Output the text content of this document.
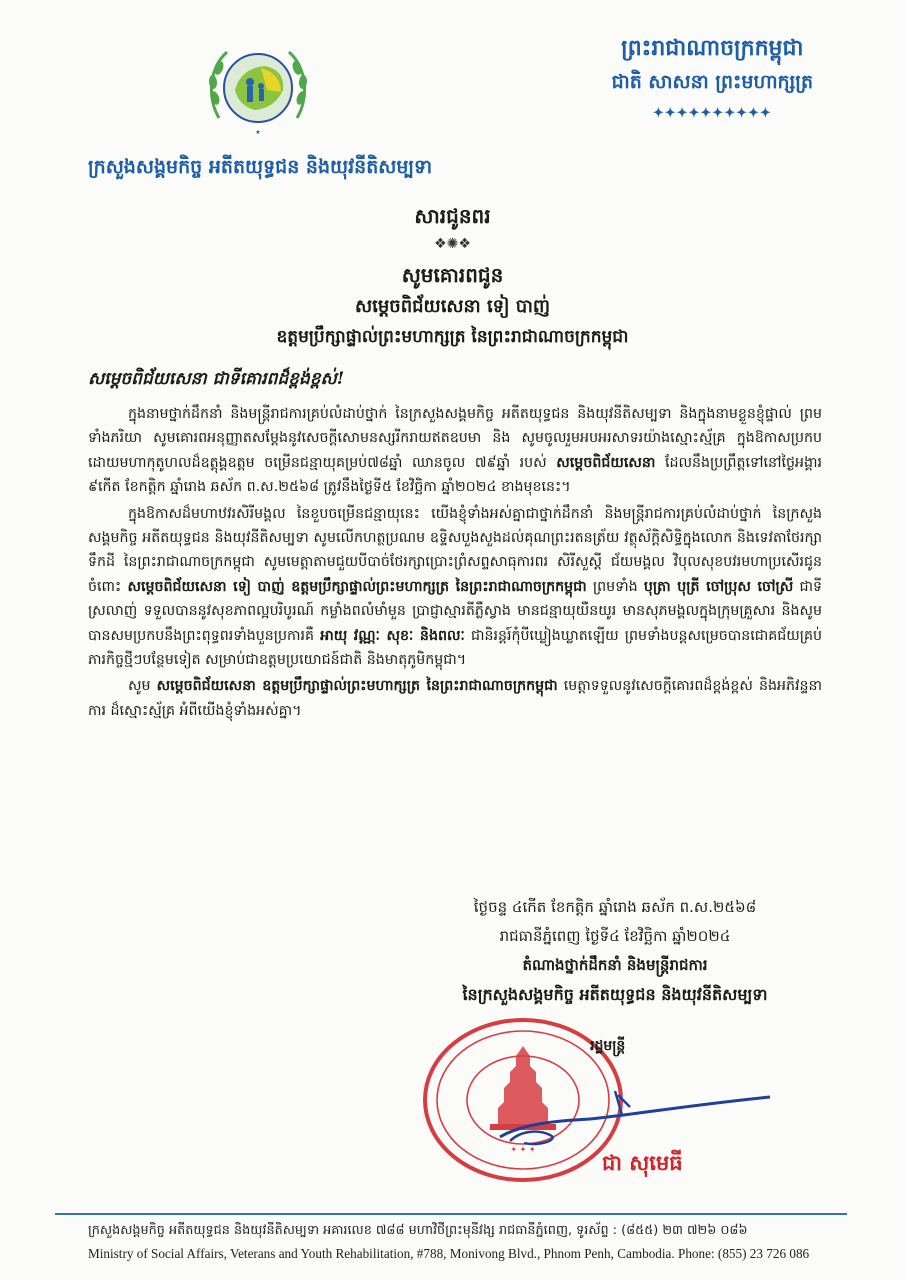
★
ព្រះរាជាណាចក្រកម្ពុជា
ជាតិ សាសនា ព្រះមហាក្សត្រ
✦✦✦✦✦✦✦✦✦✦
ក្រសួងសង្គមកិច្ច អតីតយុទ្ធជន និងយុវនីតិសម្បទា
សារជូនពរ
❖✺❖
សូមគោរពជូន
សម្តេចពិជ័យសេនា ទៀ បាញ់
ឧត្តមប្រឹក្សាផ្ទាល់ព្រះមហាក្សត្រ នៃព្រះរាជាណាចក្រកម្ពុជា
សម្តេចពិជ័យសេនា ជាទីគោរពដ៏ខ្ពង់ខ្ពស់!

ក្នុងនាមថ្នាក់ដឹកនាំ និងមន្ត្រីរាជការគ្រប់លំដាប់ថ្នាក់ នៃក្រសួងសង្គមកិច្ច អតីតយុទ្ធជន និងយុវនីតិសម្បទា និងក្នុងនាមខ្លួនខ្ញុំផ្ទាល់ ព្រមទាំងភរិយា សូមគោរពអនុញ្ញាតសម្តែងនូវសេចក្តីសោមនស្សរីករាយឥតឧបមា និង សូមចូលរួមអបអរសាទរយ៉ាងស្មោះស្ម័គ្រ ក្នុងឱកាសប្រកបដោយមហាកុតូហលដ៏ឧត្តុង្គឧត្តម ចម្រើនជន្មាយុគម្រប់៧៨ឆ្នាំ ឈានចូល ៧៩ឆ្នាំ របស់ សម្តេចពិជ័យសេនា ដែលនឹងប្រព្រឹត្តទៅនៅថ្ងៃអង្គារ ៩កើត ខែកត្តិក ឆ្នាំរោង ឆស័ក ព.ស.២៥៦៨ ត្រូវនឹងថ្ងៃទី៥ ខែវិច្ឆិកា ឆ្នាំ២០២៤ ខាងមុខនេះ។

ក្នុងឱកាសដ៏មហាឋវរសិរីមង្គល នៃខួបចម្រើនជន្មាយុនេះ យើងខ្ញុំទាំងអស់គ្នាជាថ្នាក់ដឹកនាំ និងមន្ត្រីរាជការគ្រប់លំដាប់ថ្នាក់ នៃក្រសួងសង្គមកិច្ច អតីតយុទ្ធជន និងយុវនីតិសម្បទា សូមលើកហត្ថប្រណម ឧទ្ទិសបួងសួងដល់គុណព្រះរតនត្រ័យ វត្ថុស័ក្តិសិទ្ធិក្នុងលោក និងទេវតាថែរក្សាទឹកដី នៃព្រះរាជាណាចក្រកម្ពុជា សូមមេត្តាតាមជួយបីបាច់ថែរក្សាប្រោះព្រំសព្ទសាធុការពរ សិរីសួស្តី ជ័យមង្គល វិបុលសុខបវរមហាប្រសើរជូនចំពោះ សម្តេចពិជ័យសេនា ទៀ បាញ់ ឧត្តមប្រឹក្សាផ្ទាល់ព្រះមហាក្សត្រ នៃព្រះរាជាណាចក្រកម្ពុជា ព្រមទាំង បុត្រា បុត្រី ចៅប្រុស ចៅស្រី ជាទីស្រលាញ់ ទទួលបាននូវសុខភាពល្អបរិបូរណ៍ កម្លាំងពលំមាំមួន ប្រាជ្ញាស្មារតីភ្លឺស្វាង មានជន្មាយុយឺនយូរ មានសុភមង្គលក្នុងក្រុមគ្រួសារ និងសូមបានសមប្រកបនឹងព្រះពុទ្ធពរទាំងបួនប្រការគឺ អាយុ វណ្ណៈ សុខៈ និងពលៈ ជានិរន្តរ៍កុំបីឃ្លៀងឃ្លាតឡើយ ព្រមទាំងបន្តសម្រេចបានជោគជ័យគ្រប់ភារកិច្ចថ្មីៗបន្ថែមទៀត សម្រាប់ជាឧត្តមប្រយោជន៍ជាតិ និងមាតុភូមិកម្ពុជា។

សូម សម្តេចពិជ័យសេនា ឧត្តមប្រឹក្សាផ្ទាល់ព្រះមហាក្សត្រ នៃព្រះរាជាណាចក្រកម្ពុជា មេត្តាទទួលនូវសេចក្តីគោរពដ៏ខ្ពង់ខ្ពស់ និងអភិវន្ទនាការ ដ៏ស្មោះស្ម័គ្រ អំពីយើងខ្ញុំទាំងអស់គ្នា។

ថ្ងៃចន្ទ ៤កើត ខែកត្តិក ឆ្នាំរោង ឆស័ក ព.ស.២៥៦៨
រាជធានីភ្នំពេញ ថ្ងៃទី៤ ខែវិច្ឆិកា ឆ្នាំ២០២៤
តំណាងថ្នាក់ដឹកនាំ និងមន្ត្រីរាជការ
នៃក្រសួងសង្គមកិច្ច អតីតយុទ្ធជន និងយុវនីតិសម្បទា
✦ ✦ ✦
រដ្ឋមន្ត្រី
ជា សុមេធី
ក្រសួងសង្គមកិច្ច អតីតយុទ្ធជន និងយុវនីតិសម្បទា អគារលេខ ៧៨៨ មហាវិថីព្រះមុនីវង្ស រាជធានីភ្នំពេញ, ទូរស័ព្ទ : (៨៥៥) ២៣ ៧២៦ ០៨៦
Ministry of Social Affairs, Veterans and Youth Rehabilitation, #788, Monivong Blvd., Phnom Penh, Cambodia. Phone: (855) 23 726 086
